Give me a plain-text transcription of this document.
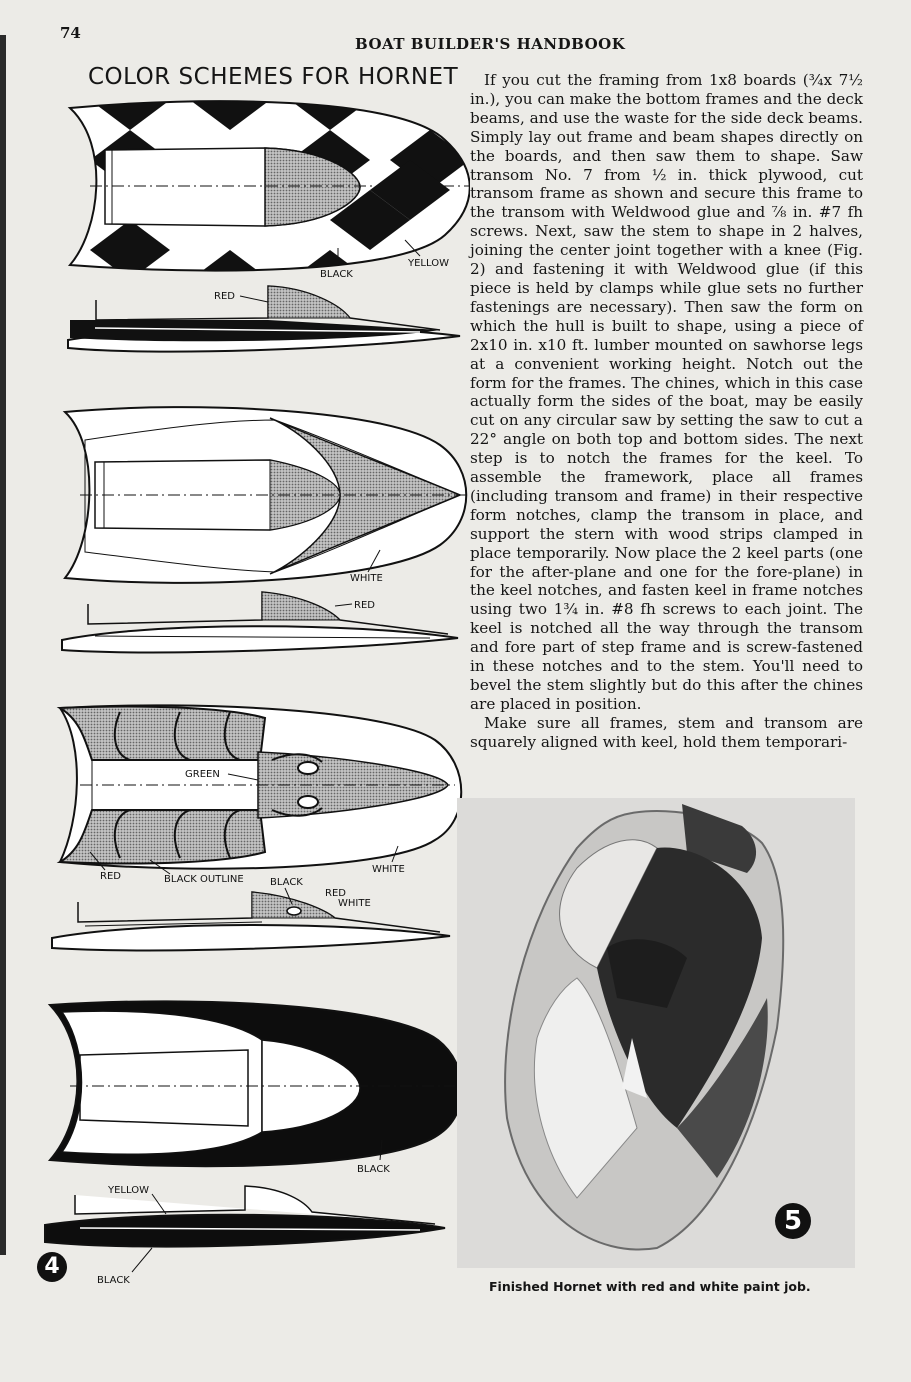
74
BOAT BUILDER'S HANDBOOK
COLOR SCHEMES FOR HORNET
BLACK
YELLOW
RED
WHITE
RED
GREEN
WHITE
RED	BLACK OUTLINE	BLACK
RED
WHITE
BLACK
YELLOW
BLACK
4

If you cut the framing from 1x8 boards (¾x 7½ in.), you can make the bottom frames and the deck beams, and use the waste for the side deck beams. Simply lay out frame and beam shapes directly on the boards, and then saw them to shape. Saw transom No. 7 from ½ in. thick plywood, cut transom frame as shown and secure this frame to the transom with Weldwood glue and ⅞ in. #7 fh screws. Next, saw the stem to shape in 2 halves, joining the center joint together with a knee (Fig. 2) and fastening it with Weldwood glue (if this piece is held by clamps while glue sets no further fastenings are necessary). Then saw the form on which the hull is built to shape, using a piece of 2x10 in. x10 ft. lumber mounted on sawhorse legs at a convenient working height. Notch out the form for the frames. The chines, which in this case actually form the sides of the boat, may be easily cut on any circular saw by setting the saw to cut a 22° angle on both top and bottom sides. The next step is to notch the frames for the keel. To assemble the framework, place all frames (including transom and frame) in their respective form notches, clamp the transom in place, and support the stern with wood strips clamped in place temporarily. Now place the 2 keel parts (one for the after-plane and one for the fore-plane) in the keel notches, and fasten keel in frame notches using two 1¾ in. #8 fh screws to each joint. The keel is notched all the way through the transom and fore part of step frame and is screw-fastened in these notches and to the stem. You'll need to bevel the stem slightly but do this after the chines are placed in position.

Make sure all frames, stem and transom are squarely aligned with keel, hold them temporari-

5
Finished Hornet with red and white paint job.
